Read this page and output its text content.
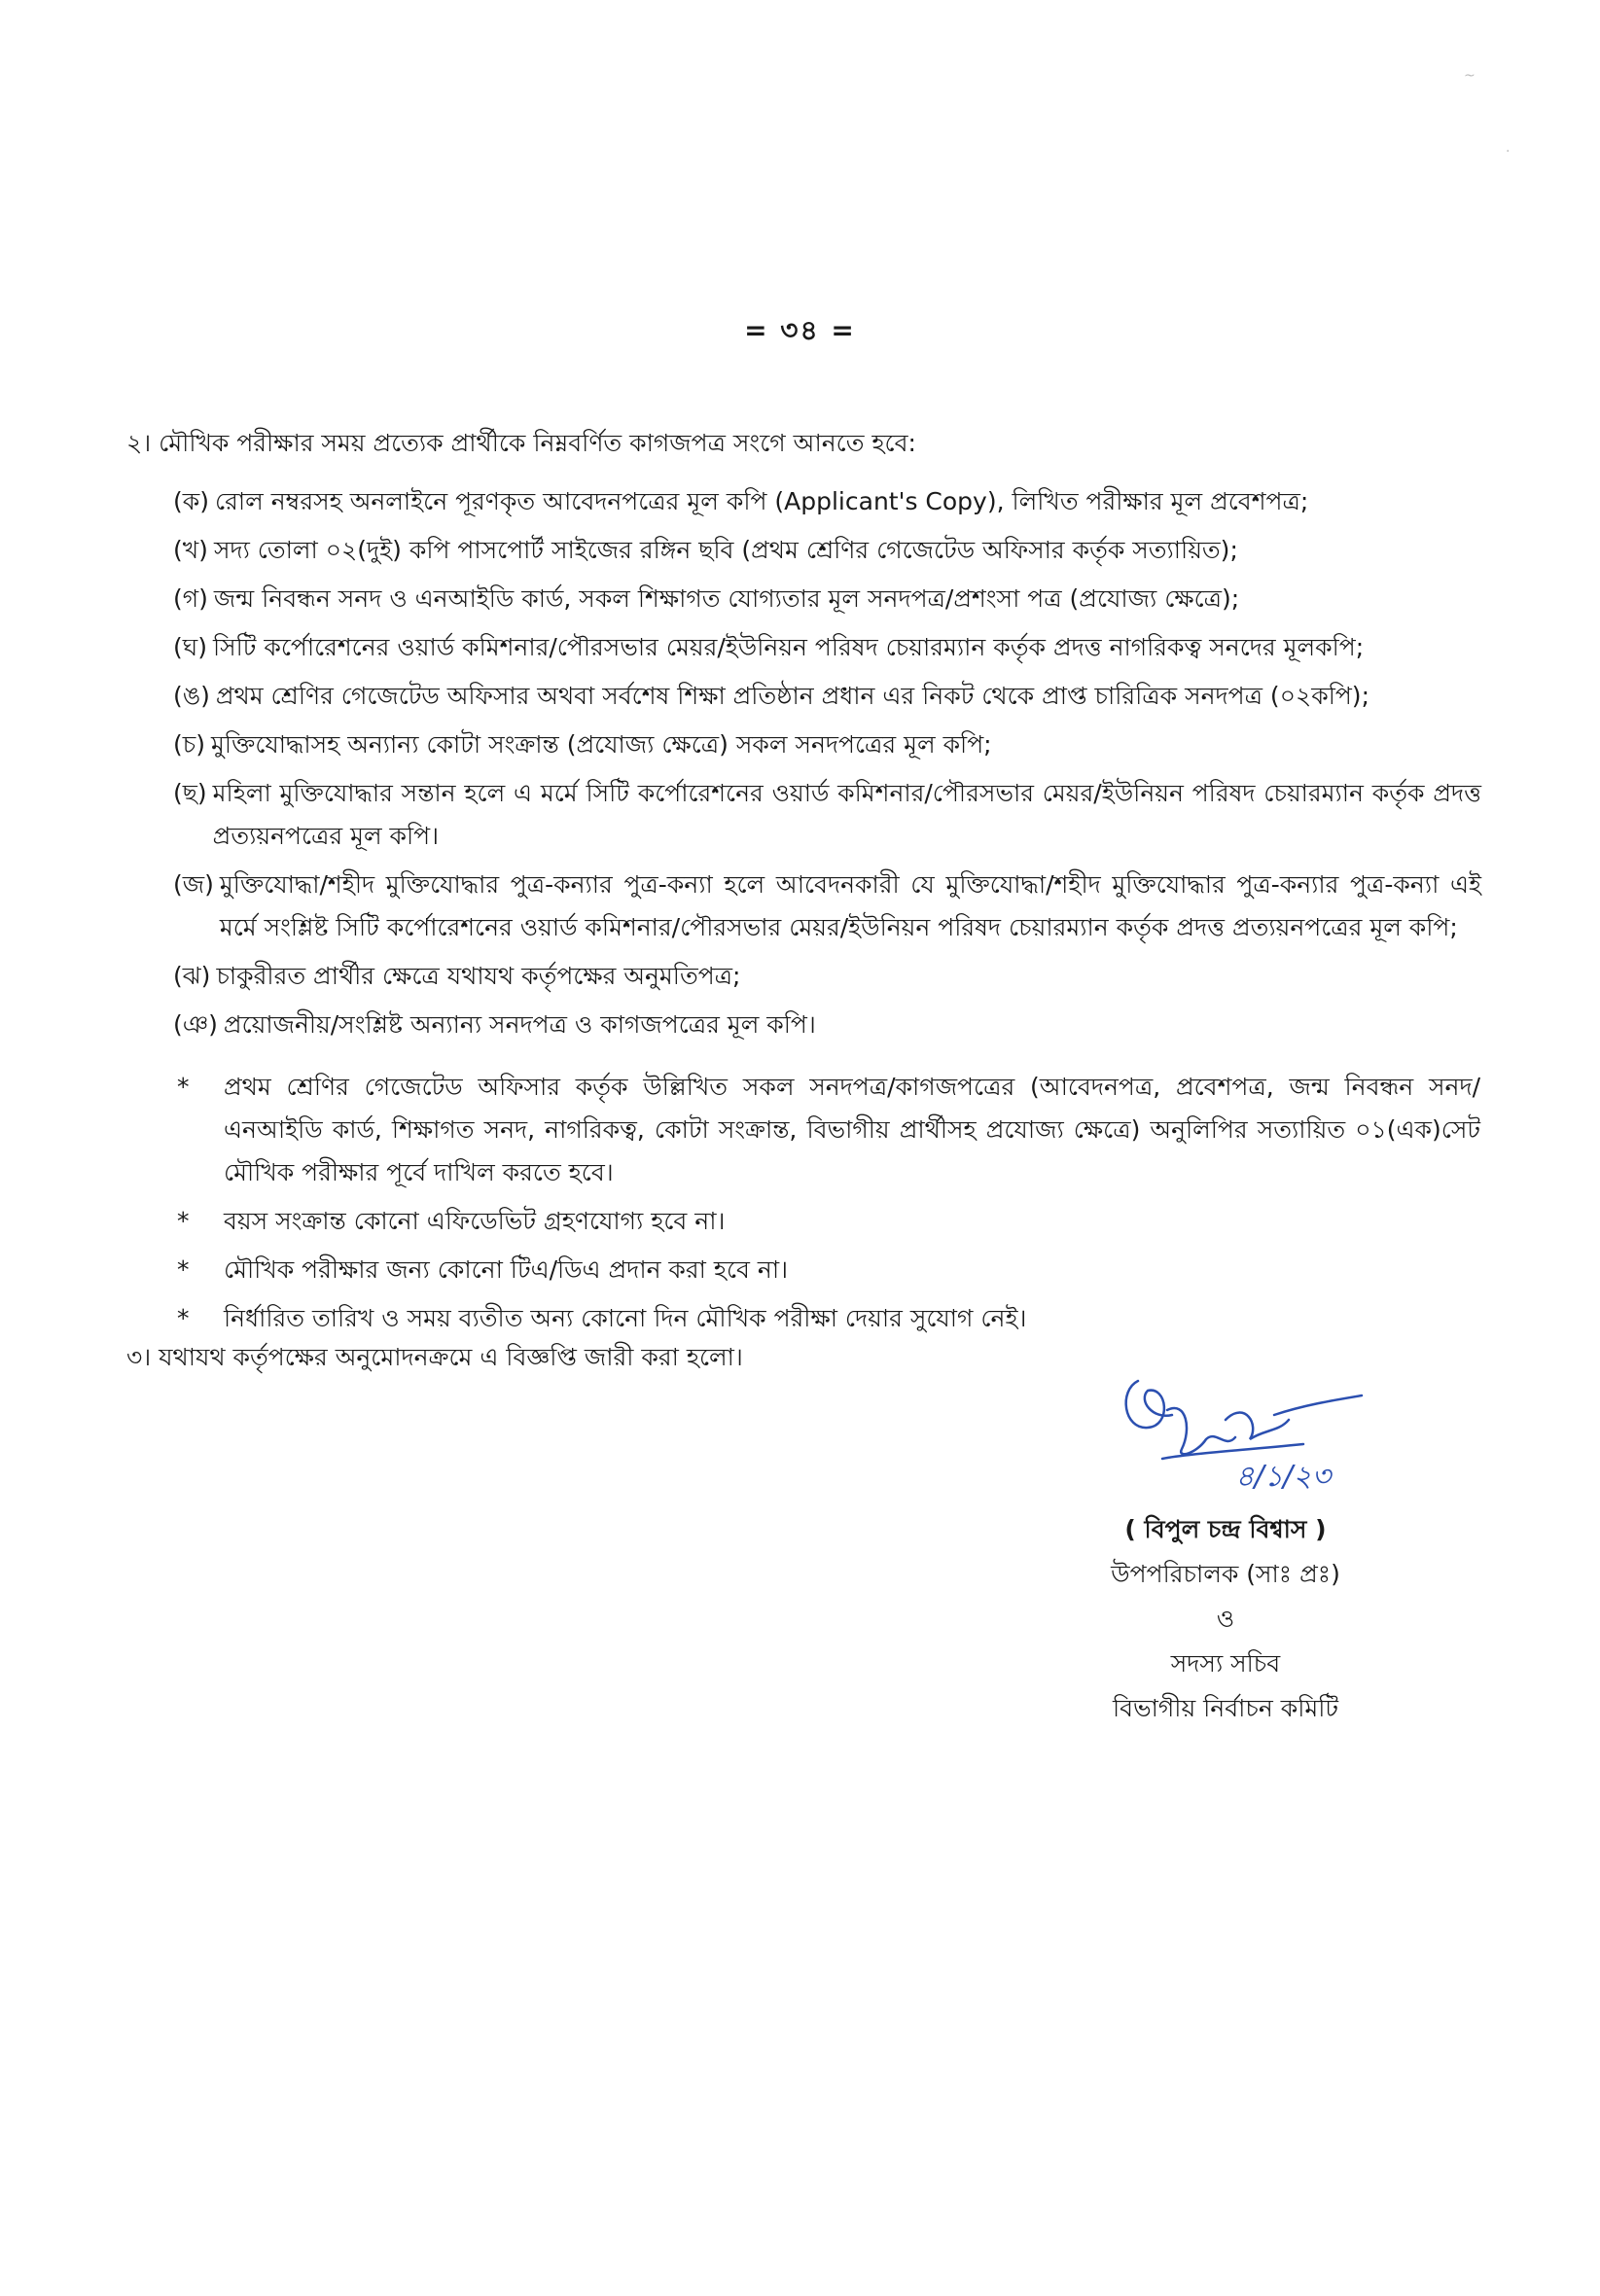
~
·
= ৩৪ =
২। মৌখিক পরীক্ষার সময় প্রত্যেক প্রার্থীকে নিম্নবর্ণিত কাগজপত্র সংগে আনতে হবে:
(ক) রোল নম্বরসহ অনলাইনে পূরণকৃত আবেদনপত্রের মূল কপি (Applicant's Copy), লিখিত পরীক্ষার মূল প্রবেশপত্র;
(খ) সদ্য তোলা ০২(দুই) কপি পাসপোর্ট সাইজের রঙ্গিন ছবি (প্রথম শ্রেণির গেজেটেড অফিসার কর্তৃক সত্যায়িত);
(গ) জন্ম নিবন্ধন সনদ ও এনআইডি কার্ড, সকল শিক্ষাগত যোগ্যতার মূল সনদপত্র/প্রশংসা পত্র (প্রযোজ্য ক্ষেত্রে);
(ঘ) সিটি কর্পোরেশনের ওয়ার্ড কমিশনার/পৌরসভার মেয়র/ইউনিয়ন পরিষদ চেয়ারম্যান কর্তৃক প্রদত্ত নাগরিকত্ব সনদের মূলকপি;
(ঙ) প্রথম শ্রেণির গেজেটেড অফিসার অথবা সর্বশেষ শিক্ষা প্রতিষ্ঠান প্রধান এর নিকট থেকে প্রাপ্ত চারিত্রিক সনদপত্র (০২কপি);
(চ) মুক্তিযোদ্ধাসহ অন্যান্য কোটা সংক্রান্ত (প্রযোজ্য ক্ষেত্রে) সকল সনদপত্রের মূল কপি;
(ছ) মহিলা মুক্তিযোদ্ধার সন্তান হলে এ মর্মে সিটি কর্পোরেশনের ওয়ার্ড কমিশনার/পৌরসভার মেয়র/ইউনিয়ন পরিষদ চেয়ারম্যান কর্তৃক প্রদত্ত প্রত্যয়নপত্রের মূল কপি।
(জ) মুক্তিযোদ্ধা/শহীদ মুক্তিযোদ্ধার পুত্র-কন্যার পুত্র-কন্যা হলে আবেদনকারী যে মুক্তিযোদ্ধা/শহীদ মুক্তিযোদ্ধার পুত্র-কন্যার পুত্র-কন্যা এই মর্মে সংশ্লিষ্ট সিটি কর্পোরেশনের ওয়ার্ড কমিশনার/পৌরসভার মেয়র/ইউনিয়ন পরিষদ চেয়ারম্যান কর্তৃক প্রদত্ত প্রত্যয়নপত্রের মূল কপি;
(ঝ) চাকুরীরত প্রার্থীর ক্ষেত্রে যথাযথ কর্তৃপক্ষের অনুমতিপত্র;
(ঞ) প্রয়োজনীয়/সংশ্লিষ্ট অন্যান্য সনদপত্র ও কাগজপত্রের মূল কপি।
*	প্রথম শ্রেণির গেজেটেড অফিসার কর্তৃক উল্লিখিত সকল সনদপত্র/কাগজপত্রের (আবেদনপত্র, প্রবেশপত্র, জন্ম নিবন্ধন সনদ/এনআইডি কার্ড, শিক্ষাগত সনদ, নাগরিকত্ব, কোটা সংক্রান্ত, বিভাগীয় প্রার্থীসহ প্রযোজ্য ক্ষেত্রে) অনুলিপির সত্যায়িত ০১(এক)সেট মৌখিক পরীক্ষার পূর্বে দাখিল করতে হবে।
*	বয়স সংক্রান্ত কোনো এফিডেভিট গ্রহণযোগ্য হবে না।
*	মৌখিক পরীক্ষার জন্য কোনো টিএ/ডিএ প্রদান করা হবে না।
*	নির্ধারিত তারিখ ও সময় ব্যতীত অন্য কোনো দিন মৌখিক পরীক্ষা দেয়ার সুযোগ নেই।
৩। যথাযথ কর্তৃপক্ষের অনুমোদনক্রমে এ বিজ্ঞপ্তি জারী করা হলো।
৪/১/২৩
( বিপুল চন্দ্র বিশ্বাস )
উপপরিচালক (সাঃ প্রঃ)
ও
সদস্য সচিব
বিভাগীয় নির্বাচন কমিটি
